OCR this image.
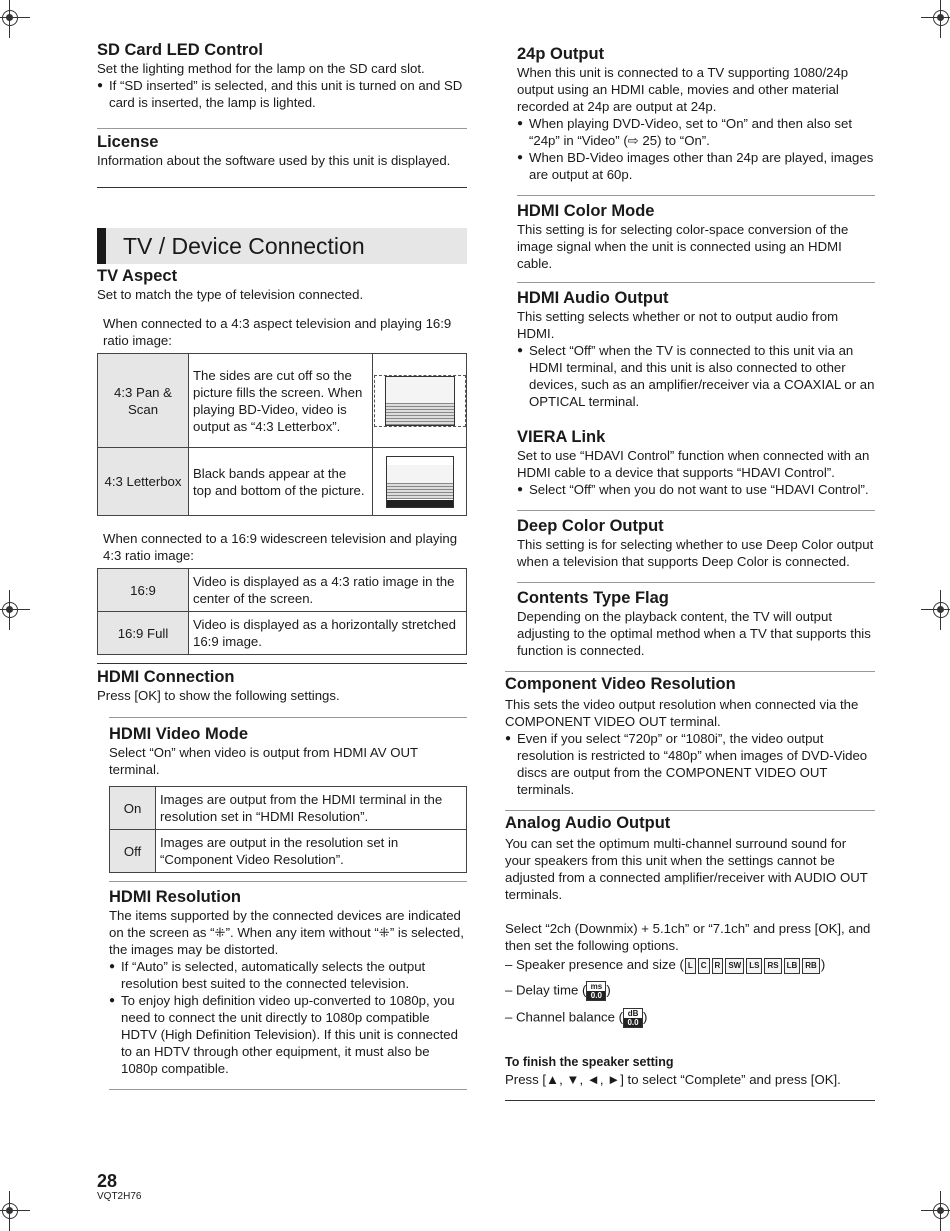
SD Card LED Control

Set the lighting method for the lamp on the SD card slot.

● If “SD inserted” is selected, and this unit is turned on and SD card is inserted, the lamp is lighted.

License

Information about the software used by this unit is displayed.

TV / Device Connection
TV Aspect

Set to match the type of television connected.

When connected to a 4:3 aspect television and playing 16:9 ratio image:

4:3 Pan & Scan	The sides are cut off so the picture fills the screen. When playing BD-Video, video is output as “4:3 Letterbox”.	

4:3 Letterbox	Black bands appear at the top and bottom of the picture.	

When connected to a 16:9 widescreen television and playing 4:3 ratio image:

16:9	Video is displayed as a 4:3 ratio image in the center of the screen.
16:9 Full	Video is displayed as a horizontally stretched 16:9 image.
HDMI Connection

Press [OK] to show the following settings.

HDMI Video Mode

Select “On” when video is output from HDMI AV OUT terminal.

On	Images are output from the HDMI terminal in the resolution set in “HDMI Resolution”.
Off	Images are output in the resolution set in “Component Video Resolution”.
HDMI Resolution

The items supported by the connected devices are indicated on the screen as “⁜”. When any item without “⁜” is selected, the images may be distorted.

● If “Auto” is selected, automatically selects the output resolution best suited to the connected television.

● To enjoy high definition video up-converted to 1080p, you need to connect the unit directly to 1080p compatible HDTV (High Definition Television). If this unit is connected to an HDTV through other equipment, it must also be 1080p compatible.

24p Output

When this unit is connected to a TV supporting 1080/24p output using an HDMI cable, movies and other material recorded at 24p are output at 24p.

● When playing DVD-Video, set to “On” and then also set “24p” in “Video” (⇨ 25) to “On”.

● When BD-Video images other than 24p are played, images are output at 60p.

HDMI Color Mode

This setting is for selecting color-space conversion of the image signal when the unit is connected using an HDMI cable.

HDMI Audio Output

This setting selects whether or not to output audio from HDMI.

● Select “Off” when the TV is connected to this unit via an HDMI terminal, and this unit is also connected to other devices, such as an amplifier/receiver via a COAXIAL or an OPTICAL terminal.

VIERA Link

Set to use “HDAVI Control” function when connected with an HDMI cable to a device that supports “HDAVI Control”.

● Select “Off” when you do not want to use “HDAVI Control”.

Deep Color Output

This setting is for selecting whether to use Deep Color output when a television that supports Deep Color is connected.

Contents Type Flag

Depending on the playback content, the TV will output adjusting to the optimal method when a TV that supports this function is connected.

Component Video Resolution

This sets the video output resolution when connected via the COMPONENT VIDEO OUT terminal.

● Even if you select “720p” or “1080i”, the video output resolution is restricted to “480p” when images of DVD-Video discs are output from the COMPONENT VIDEO OUT terminals.

Analog Audio Output

You can set the optimum multi-channel surround sound for your speakers from this unit when the settings cannot be adjusted from a connected amplifier/receiver with AUDIO OUT terminals.

Select “2ch (Downmix) + 5.1ch” or “7.1ch” and press [OK], and then set the following options.

– Speaker presence and size ( L C R SW LS RS LB RB )

– Delay time ( ms
0.0 )

– Channel balance ( dB
0.0 )

To finish the speaker setting

Press [▲, ▼, ◄, ►] to select “Complete” and press [OK].

28
VQT2H76
